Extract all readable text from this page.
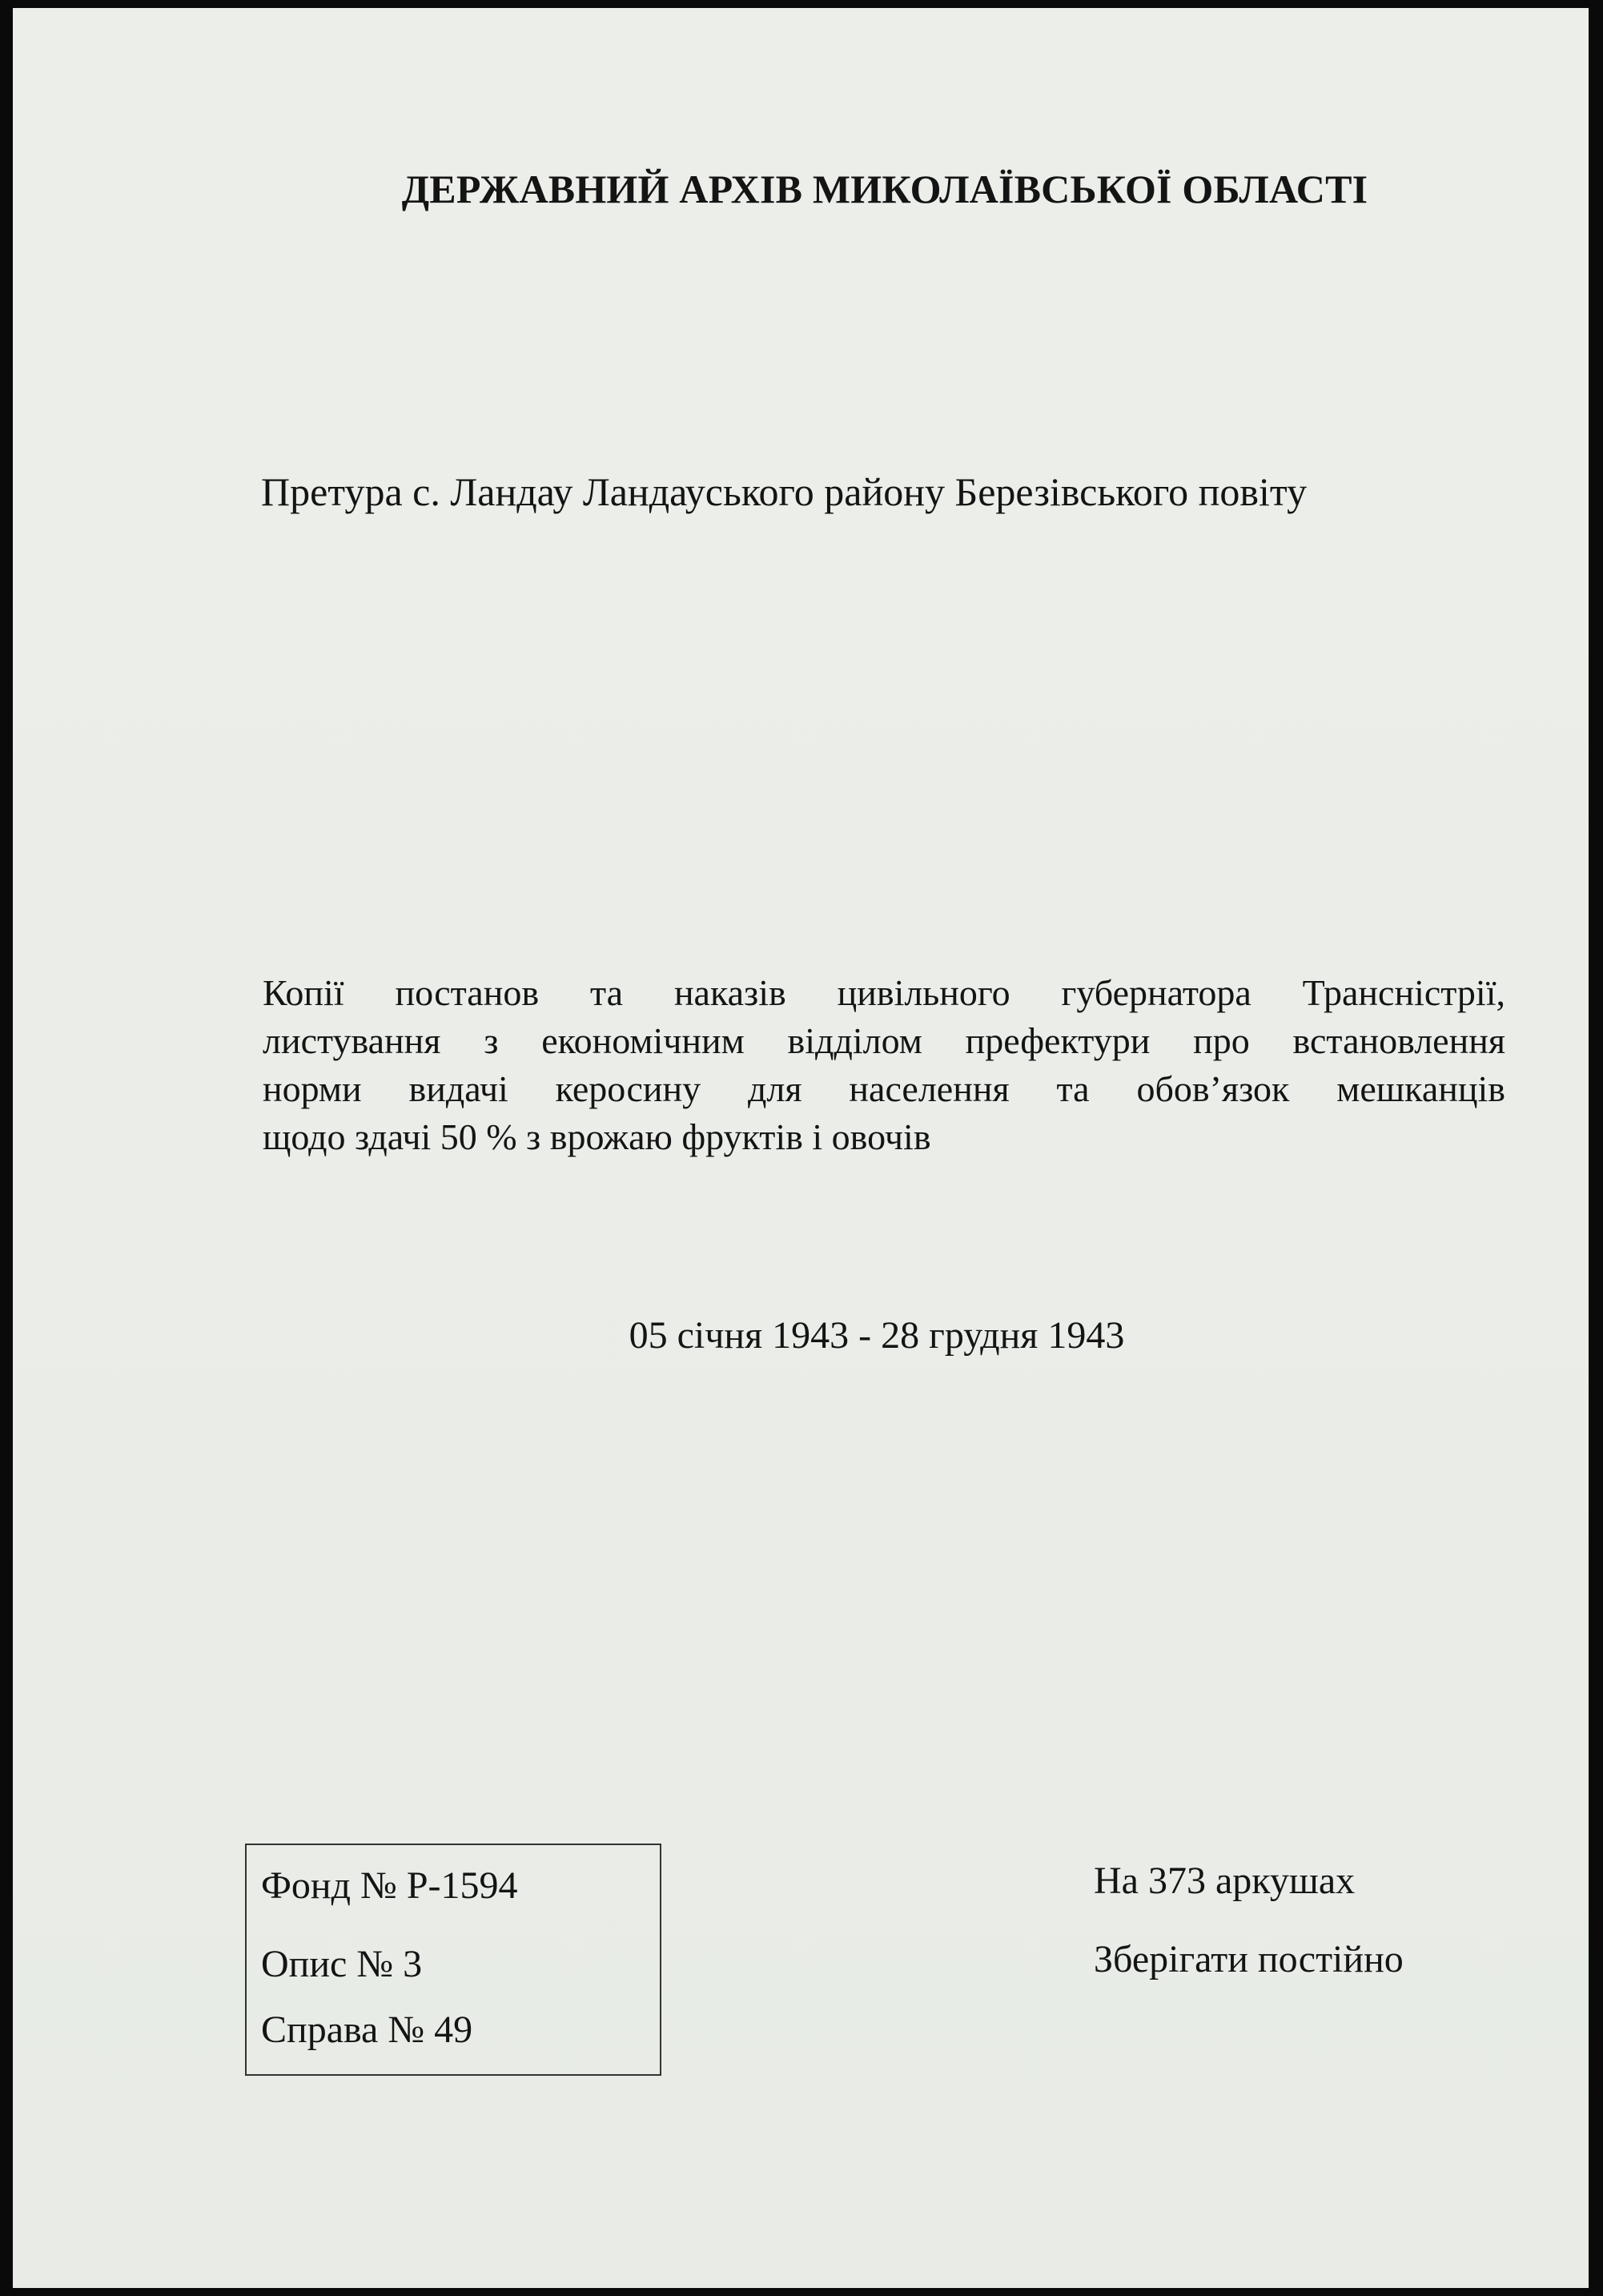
ДЕРЖАВНИЙ АРХІВ МИКОЛАЇВСЬКОЇ ОБЛАСТІ
Претура с. Ландау Ландауського району Березівського повіту
Копії постанов та наказів цивільного губернатора Трансністрії,
листування з економічним відділом префектури про встановлення
норми видачі керосину для населення та обов’язок мешканців
щодо здачі 50 % з врожаю фруктів і овочів
05 січня 1943 - 28 грудня 1943
Фонд № Р-1594
Опис № 3
Справа № 49
На 373 аркушах
Зберігати постійно
